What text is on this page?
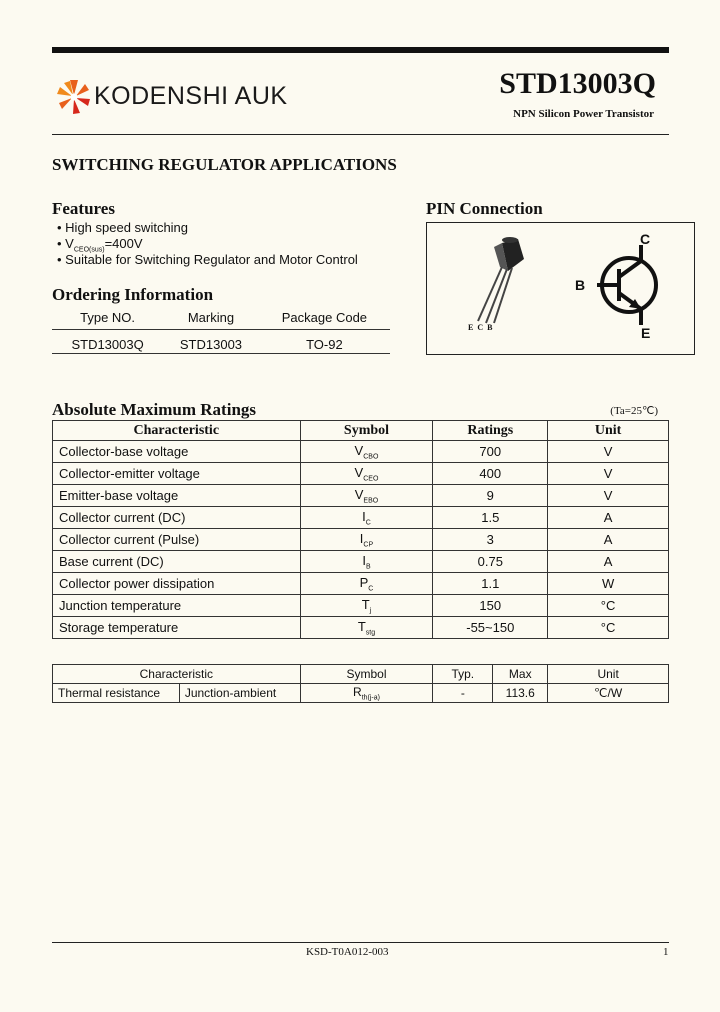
KODENSHI AUK	STD13003Q
NPN Silicon Power Transistor
SWITCHING REGULATOR APPLICATIONS
Features
• High speed switching
• $V_{CEO(sus)}=400V$
• Suitable for Switching Regulator and Motor Control
Ordering Information
Type NO.	Marking	Package Code
STD13003Q	STD13003	TO-92
PIN Connection
E C B
C
B
E
Absolute Maximum Ratings	(Ta=25℃)
Characteristic	Symbol	Ratings	Unit
Collector-base voltage	$V_{CBO}$	700	V
Collector-emitter voltage	$V_{CEO}$	400	V
Emitter-base voltage	$V_{EBO}$	9	V
Collector current (DC)	$I_C$	1.5	A
Collector current (Pulse)	$I_{CP}$	3	A
Base current (DC)	$I_B$	0.75	A
Collector power dissipation	$P_C$	1.1	W
Junction temperature	$T_j$	150	°C
Storage temperature	$T_{stg}$	-55~150	°C
Characteristic		Symbol	Typ.	Max	Unit
Thermal resistance	Junction-ambient	$R_{th(j-a)}$	-	113.6	℃/W
KSD-T0A012-003	1
